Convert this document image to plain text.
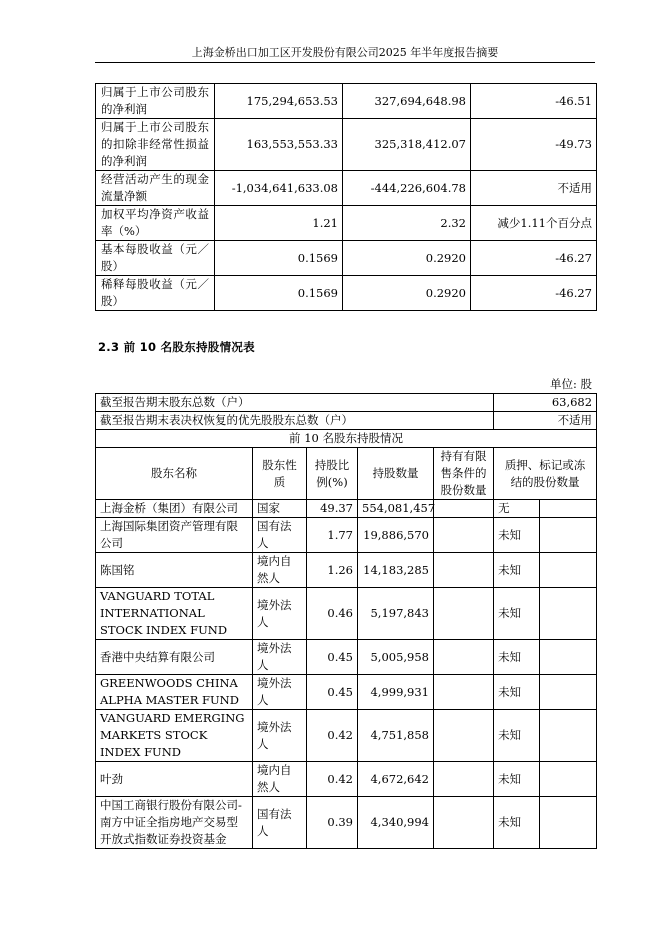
上海金桥出口加工区开发股份有限公司2025 年半年度报告摘要
归属于上市公司股东的净利润	175,294,653.53	327,694,648.98	-46.51
归属于上市公司股东的扣除非经常性损益的净利润	163,553,553.33	325,318,412.07	-49.73
经营活动产生的现金流量净额	-1,034,641,633.08	-444,226,604.78	不适用
加权平均净资产收益率（%）	1.21	2.32	减少1.11个百分点
基本每股收益（元／股）	0.1569	0.2920	-46.27
稀释每股收益（元／股）	0.1569	0.2920	-46.27
2.3 前 10 名股东持股情况表
单位: 股
截至报告期末股东总数（户）					63,682	
截至报告期末表决权恢复的优先股股东总数（户）					不适用	
前 10 名股东持股情况						
股东名称	股东性质	持股比例(%)	持股数量	持有有限售条件的股份数量	质押、标记或冻结的股份数量	
上海金桥（集团）有限公司	国家	49.37	554,081,457		无	
上海国际集团资产管理有限公司	国有法人	1.77	19,886,570		未知	
陈国铭	境内自然人	1.26	14,183,285		未知	
VANGUARD TOTAL INTERNATIONAL STOCK INDEX FUND	境外法人	0.46	5,197,843		未知	
香港中央结算有限公司	境外法人	0.45	5,005,958		未知	
GREENWOODS CHINA ALPHA MASTER FUND	境外法人	0.45	4,999,931		未知	
VANGUARD EMERGING MARKETS STOCK INDEX FUND	境外法人	0.42	4,751,858		未知	
叶劲	境内自然人	0.42	4,672,642		未知	
中国工商银行股份有限公司-南方中证全指房地产交易型开放式指数证券投资基金	国有法人	0.39	4,340,994		未知	
